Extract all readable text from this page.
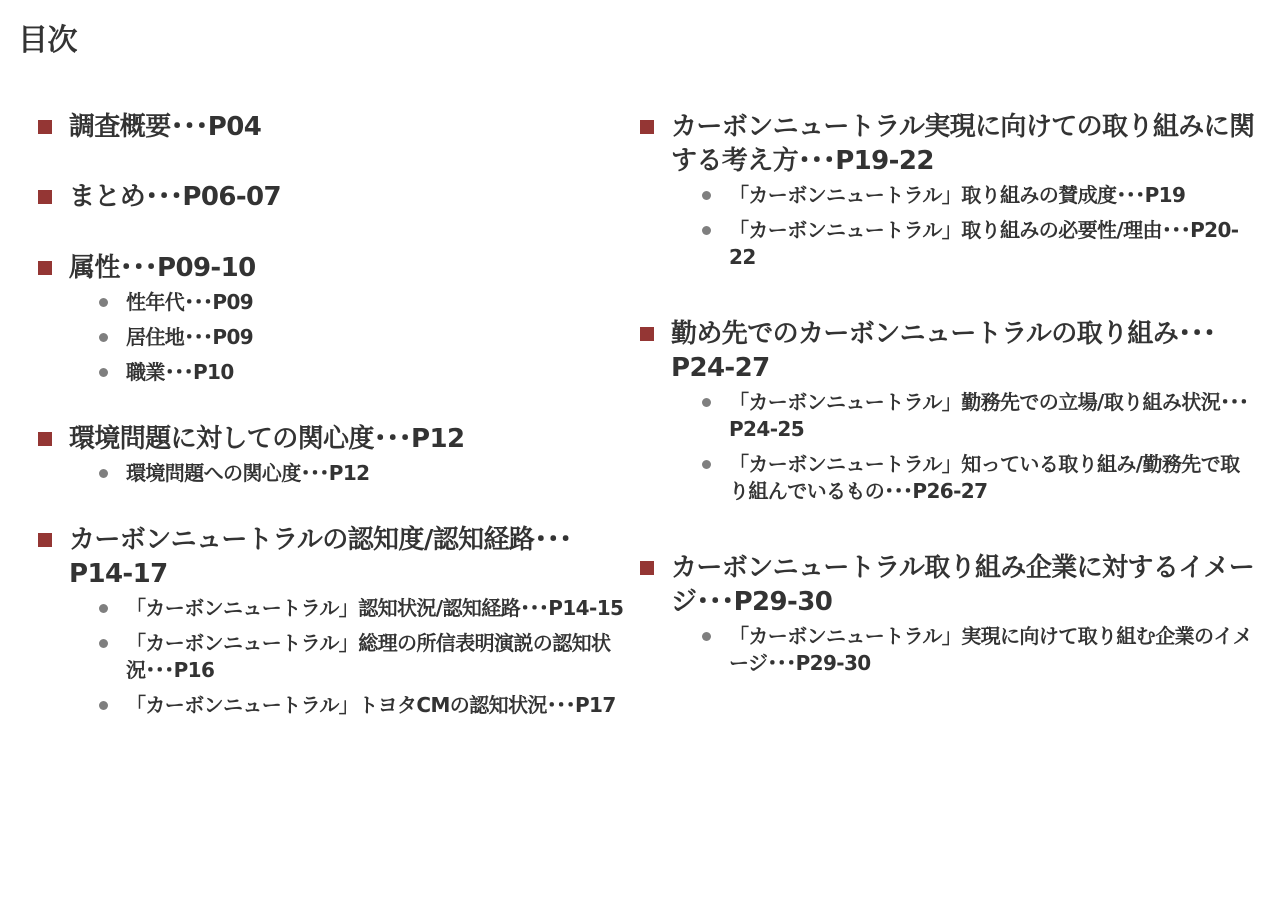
目次
調査概要･･･P04
まとめ･･･P06-07
属性･･･P09-10
性年代･･･P09
居住地･･･P09
職業･･･P10
環境問題に対しての関心度･･･P12
環境問題への関心度･･･P12
カーボンニュートラルの認知度/認知経路･･･P14-17
「カーボンニュートラル」認知状況/認知経路･･･P14-15
「カーボンニュートラル」総理の所信表明演説の認知状況･･･P16
「カーボンニュートラル」トヨタCMの認知状況･･･P17
カーボンニュートラル実現に向けての取り組みに関する考え方･･･P19-22
「カーボンニュートラル」取り組みの賛成度･･･P19
「カーボンニュートラル」取り組みの必要性/理由･･･P20-22
勤め先でのカーボンニュートラルの取り組み･･･P24-27
「カーボンニュートラル」勤務先での立場/取り組み状況･･･P24-25
「カーボンニュートラル」知っている取り組み/勤務先で取り組んでいるもの･･･P26-27
カーボンニュートラル取り組み企業に対するイメージ･･･P29-30
「カーボンニュートラル」実現に向けて取り組む企業のイメージ･･･P29-30
